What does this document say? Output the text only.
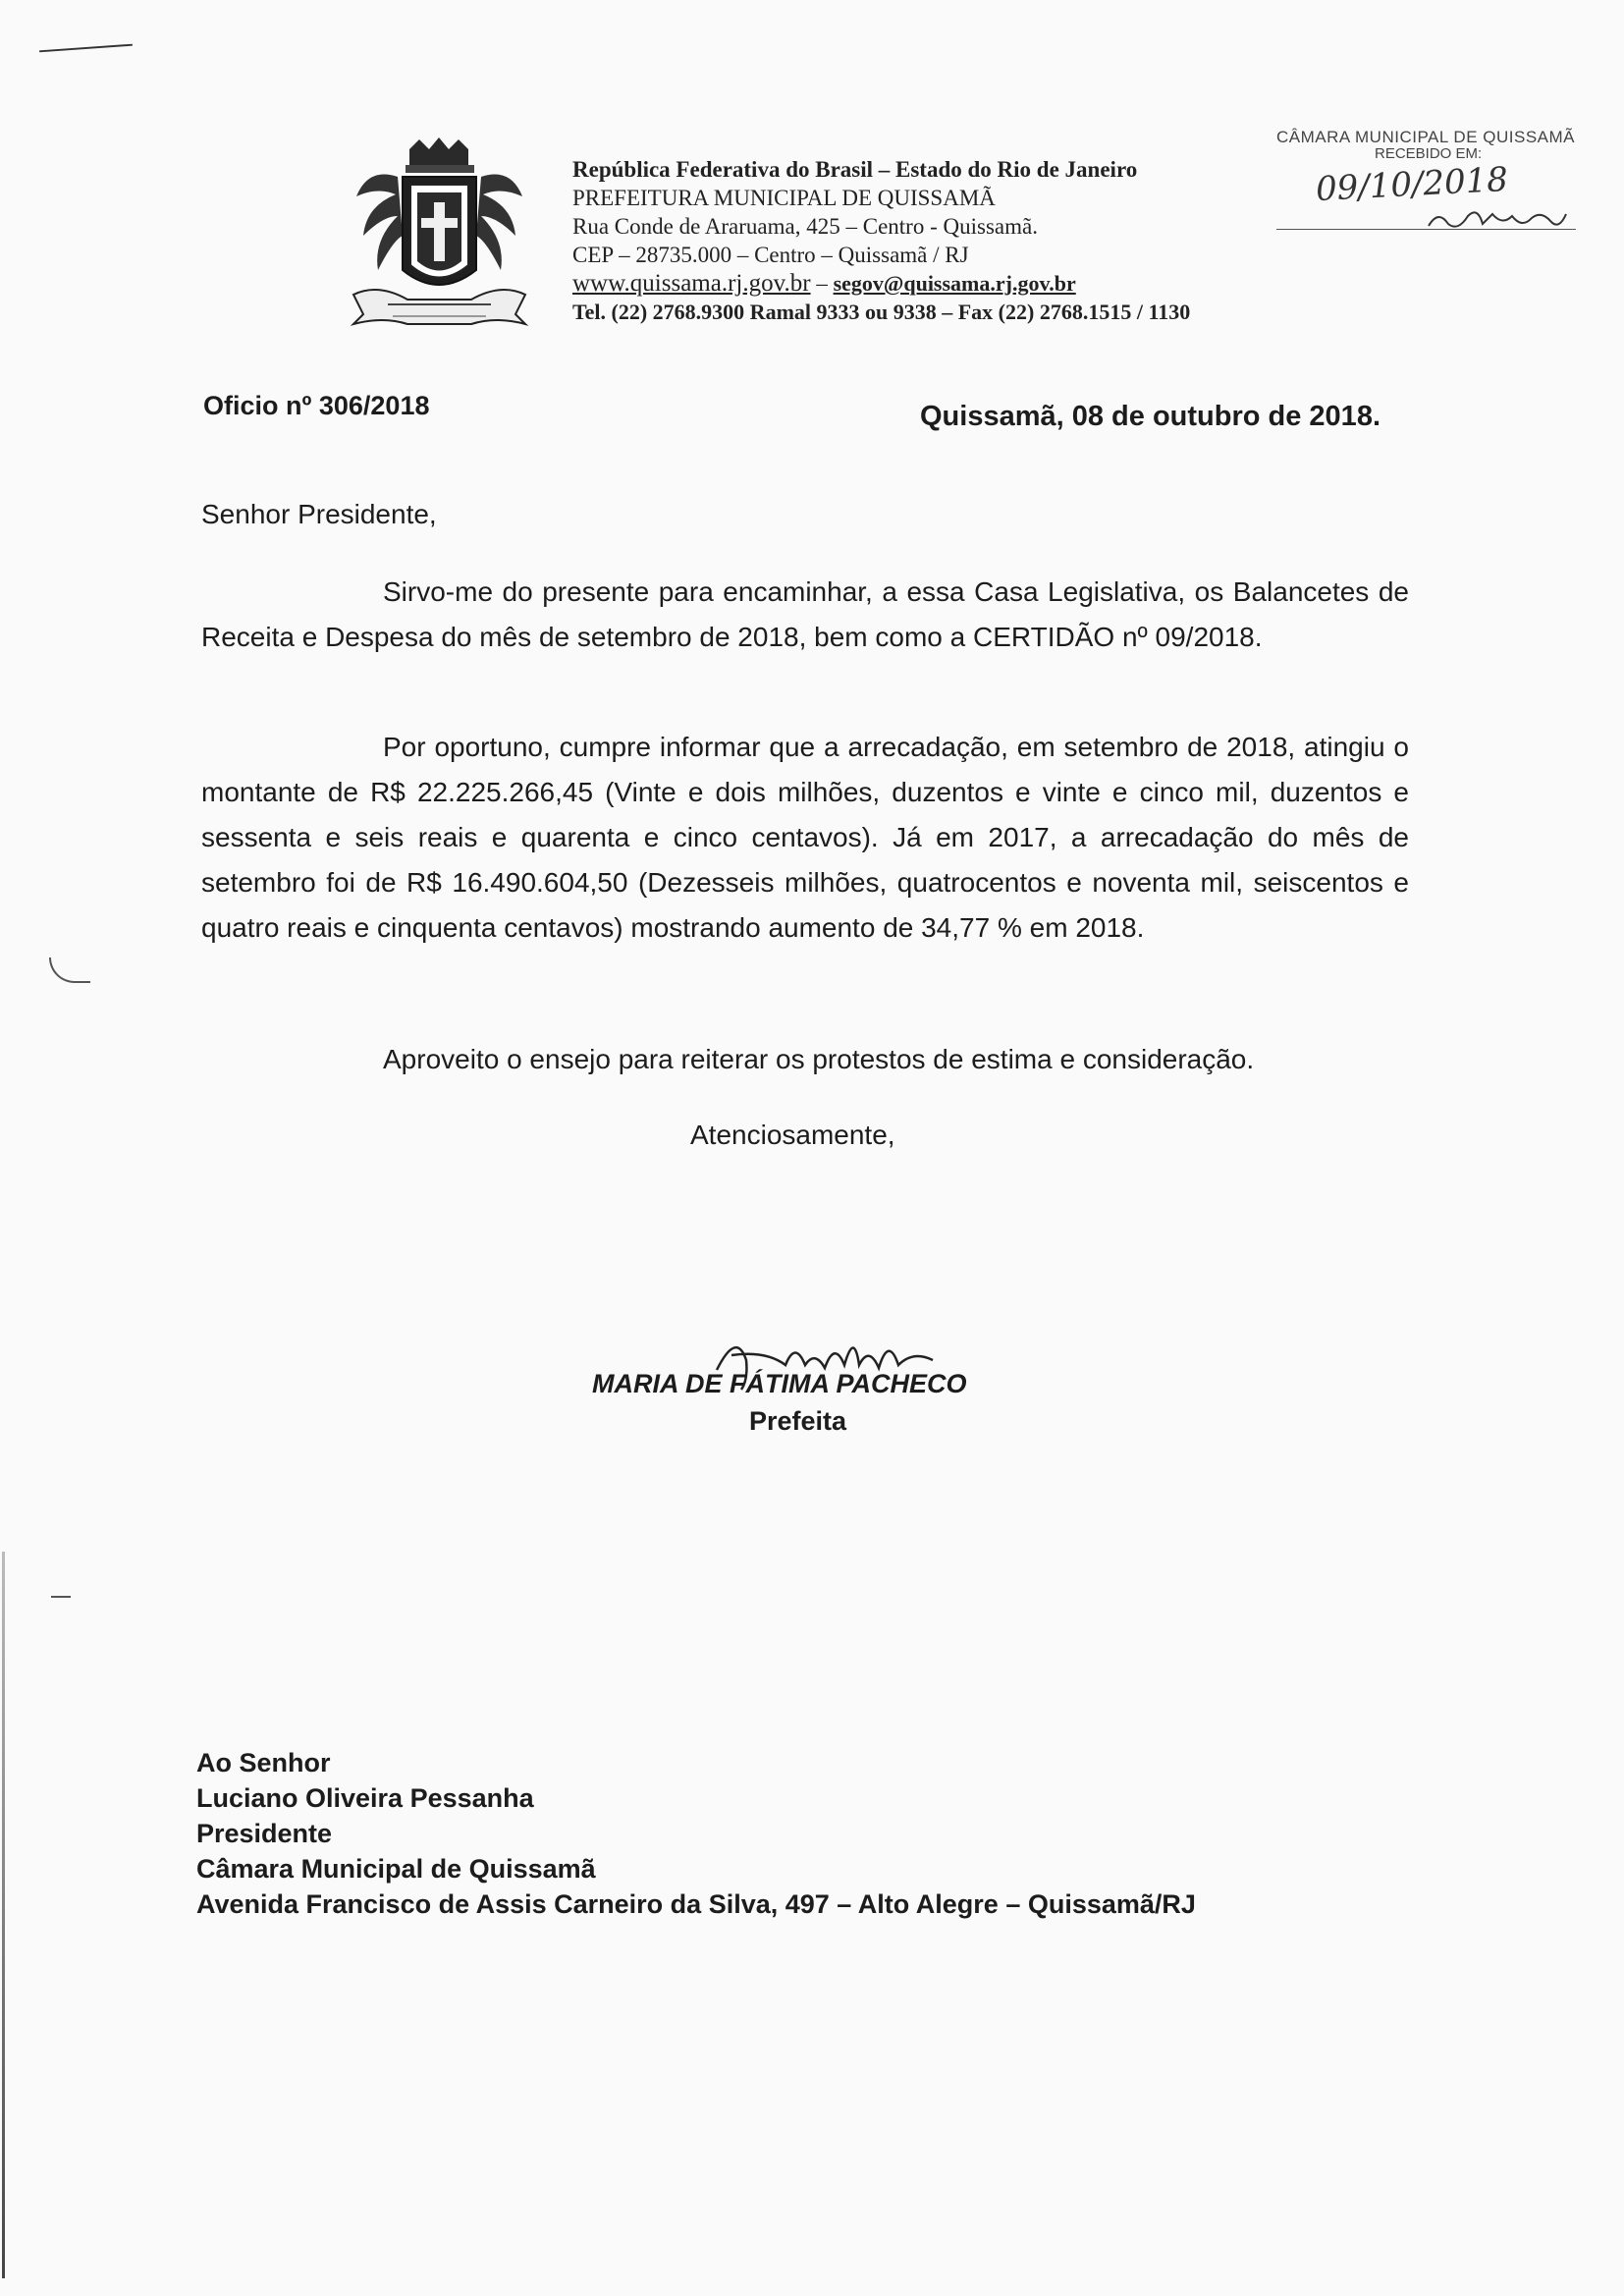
República Federativa do Brasil – Estado do Rio de Janeiro
PREFEITURA MUNICIPAL DE QUISSAMÃ
Rua Conde de Araruama, 425 – Centro - Quissamã.
CEP – 28735.000 – Centro – Quissamã / RJ
www.quissama.rj.gov.br – segov@quissama.rj.gov.br
Tel. (22) 2768.9300 Ramal 9333 ou 9338 – Fax (22) 2768.1515 / 1130
CÂMARA MUNICIPAL DE QUISSAMÃ
RECEBIDO EM:
09/10/2018
Oficio nº 306/2018	Quissamã, 08 de outubro de 2018.
Senhor Presidente,
Sirvo-me do presente para encaminhar, a essa Casa Legislativa, os Balancetes de Receita e Despesa do mês de setembro de 2018, bem como a CERTIDÃO nº 09/2018.
Por oportuno, cumpre informar que a arrecadação, em setembro de 2018, atingiu o montante de R$ 22.225.266,45 (Vinte e dois milhões, duzentos e vinte e cinco mil, duzentos e sessenta e seis reais e quarenta e cinco centavos). Já em 2017, a arrecadação do mês de setembro foi de R$ 16.490.604,50 (Dezesseis milhões, quatrocentos e noventa mil, seiscentos e quatro reais e cinquenta centavos) mostrando aumento de 34,77 % em 2018.
Aproveito o ensejo para reiterar os protestos de estima e consideração.
Atenciosamente,
MARIA DE FÁTIMA PACHECO
Prefeita
Ao Senhor
Luciano Oliveira Pessanha
Presidente
Câmara Municipal de Quissamã
Avenida Francisco de Assis Carneiro da Silva, 497 – Alto Alegre – Quissamã/RJ
